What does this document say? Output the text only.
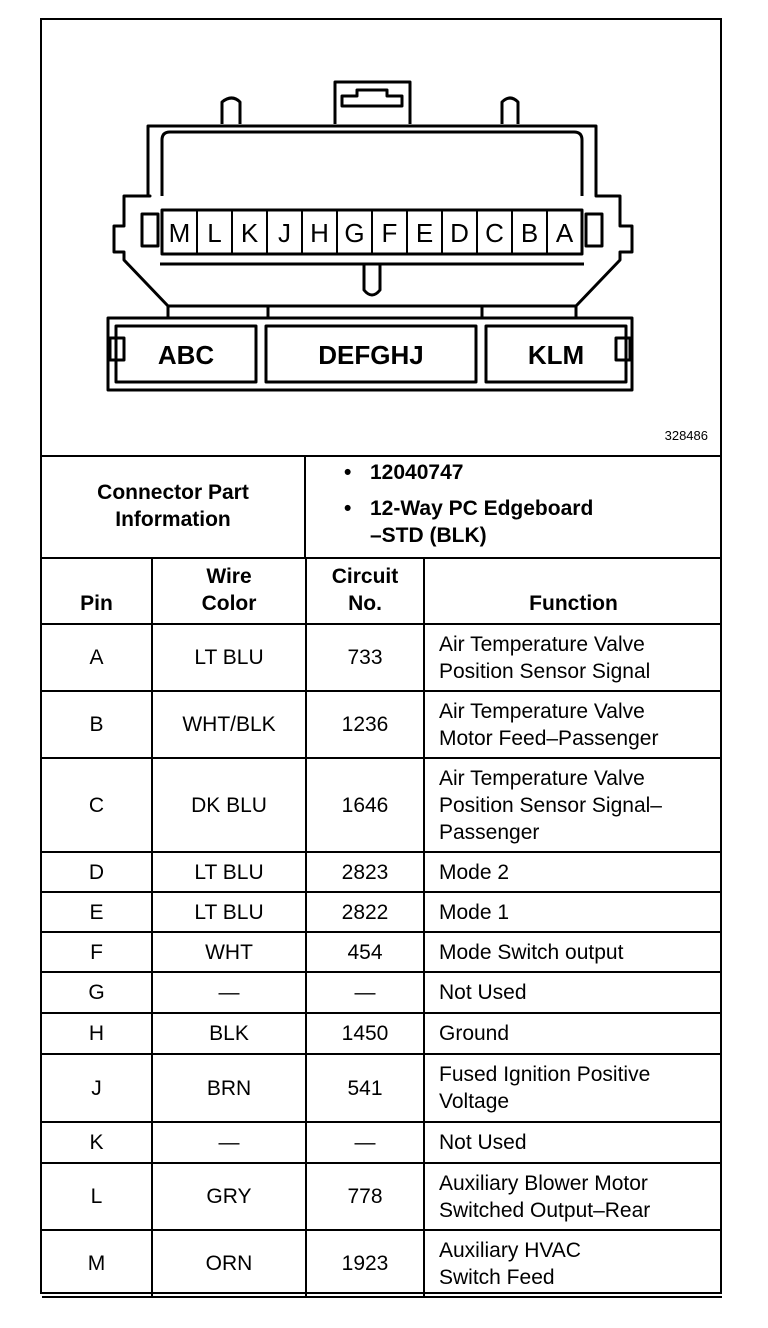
M L K J H G F E D C B A
ABC	DEFGHJ	KLM
328486
Connector Part Information
• 12040747
• 12-Way PC Edgeboard
–STD (BLK)
Pin	Wire Color	Circuit No.	Function
A	LT BLU	733	Air Temperature Valve
Position Sensor Signal
B	WHT/BLK	1236	Air Temperature Valve
Motor Feed–Passenger
C	DK BLU	1646	Air Temperature Valve
Position Sensor Signal–
Passenger
D	LT BLU	2823	Mode 2
E	LT BLU	2822	Mode 1
F	WHT	454	Mode Switch output
G	—	—	Not Used
H	BLK	1450	Ground
J	BRN	541	Fused Ignition Positive
Voltage
K	—	—	Not Used
L	GRY	778	Auxiliary Blower Motor
Switched Output–Rear
M	ORN	1923	Auxiliary HVAC
Switch Feed
